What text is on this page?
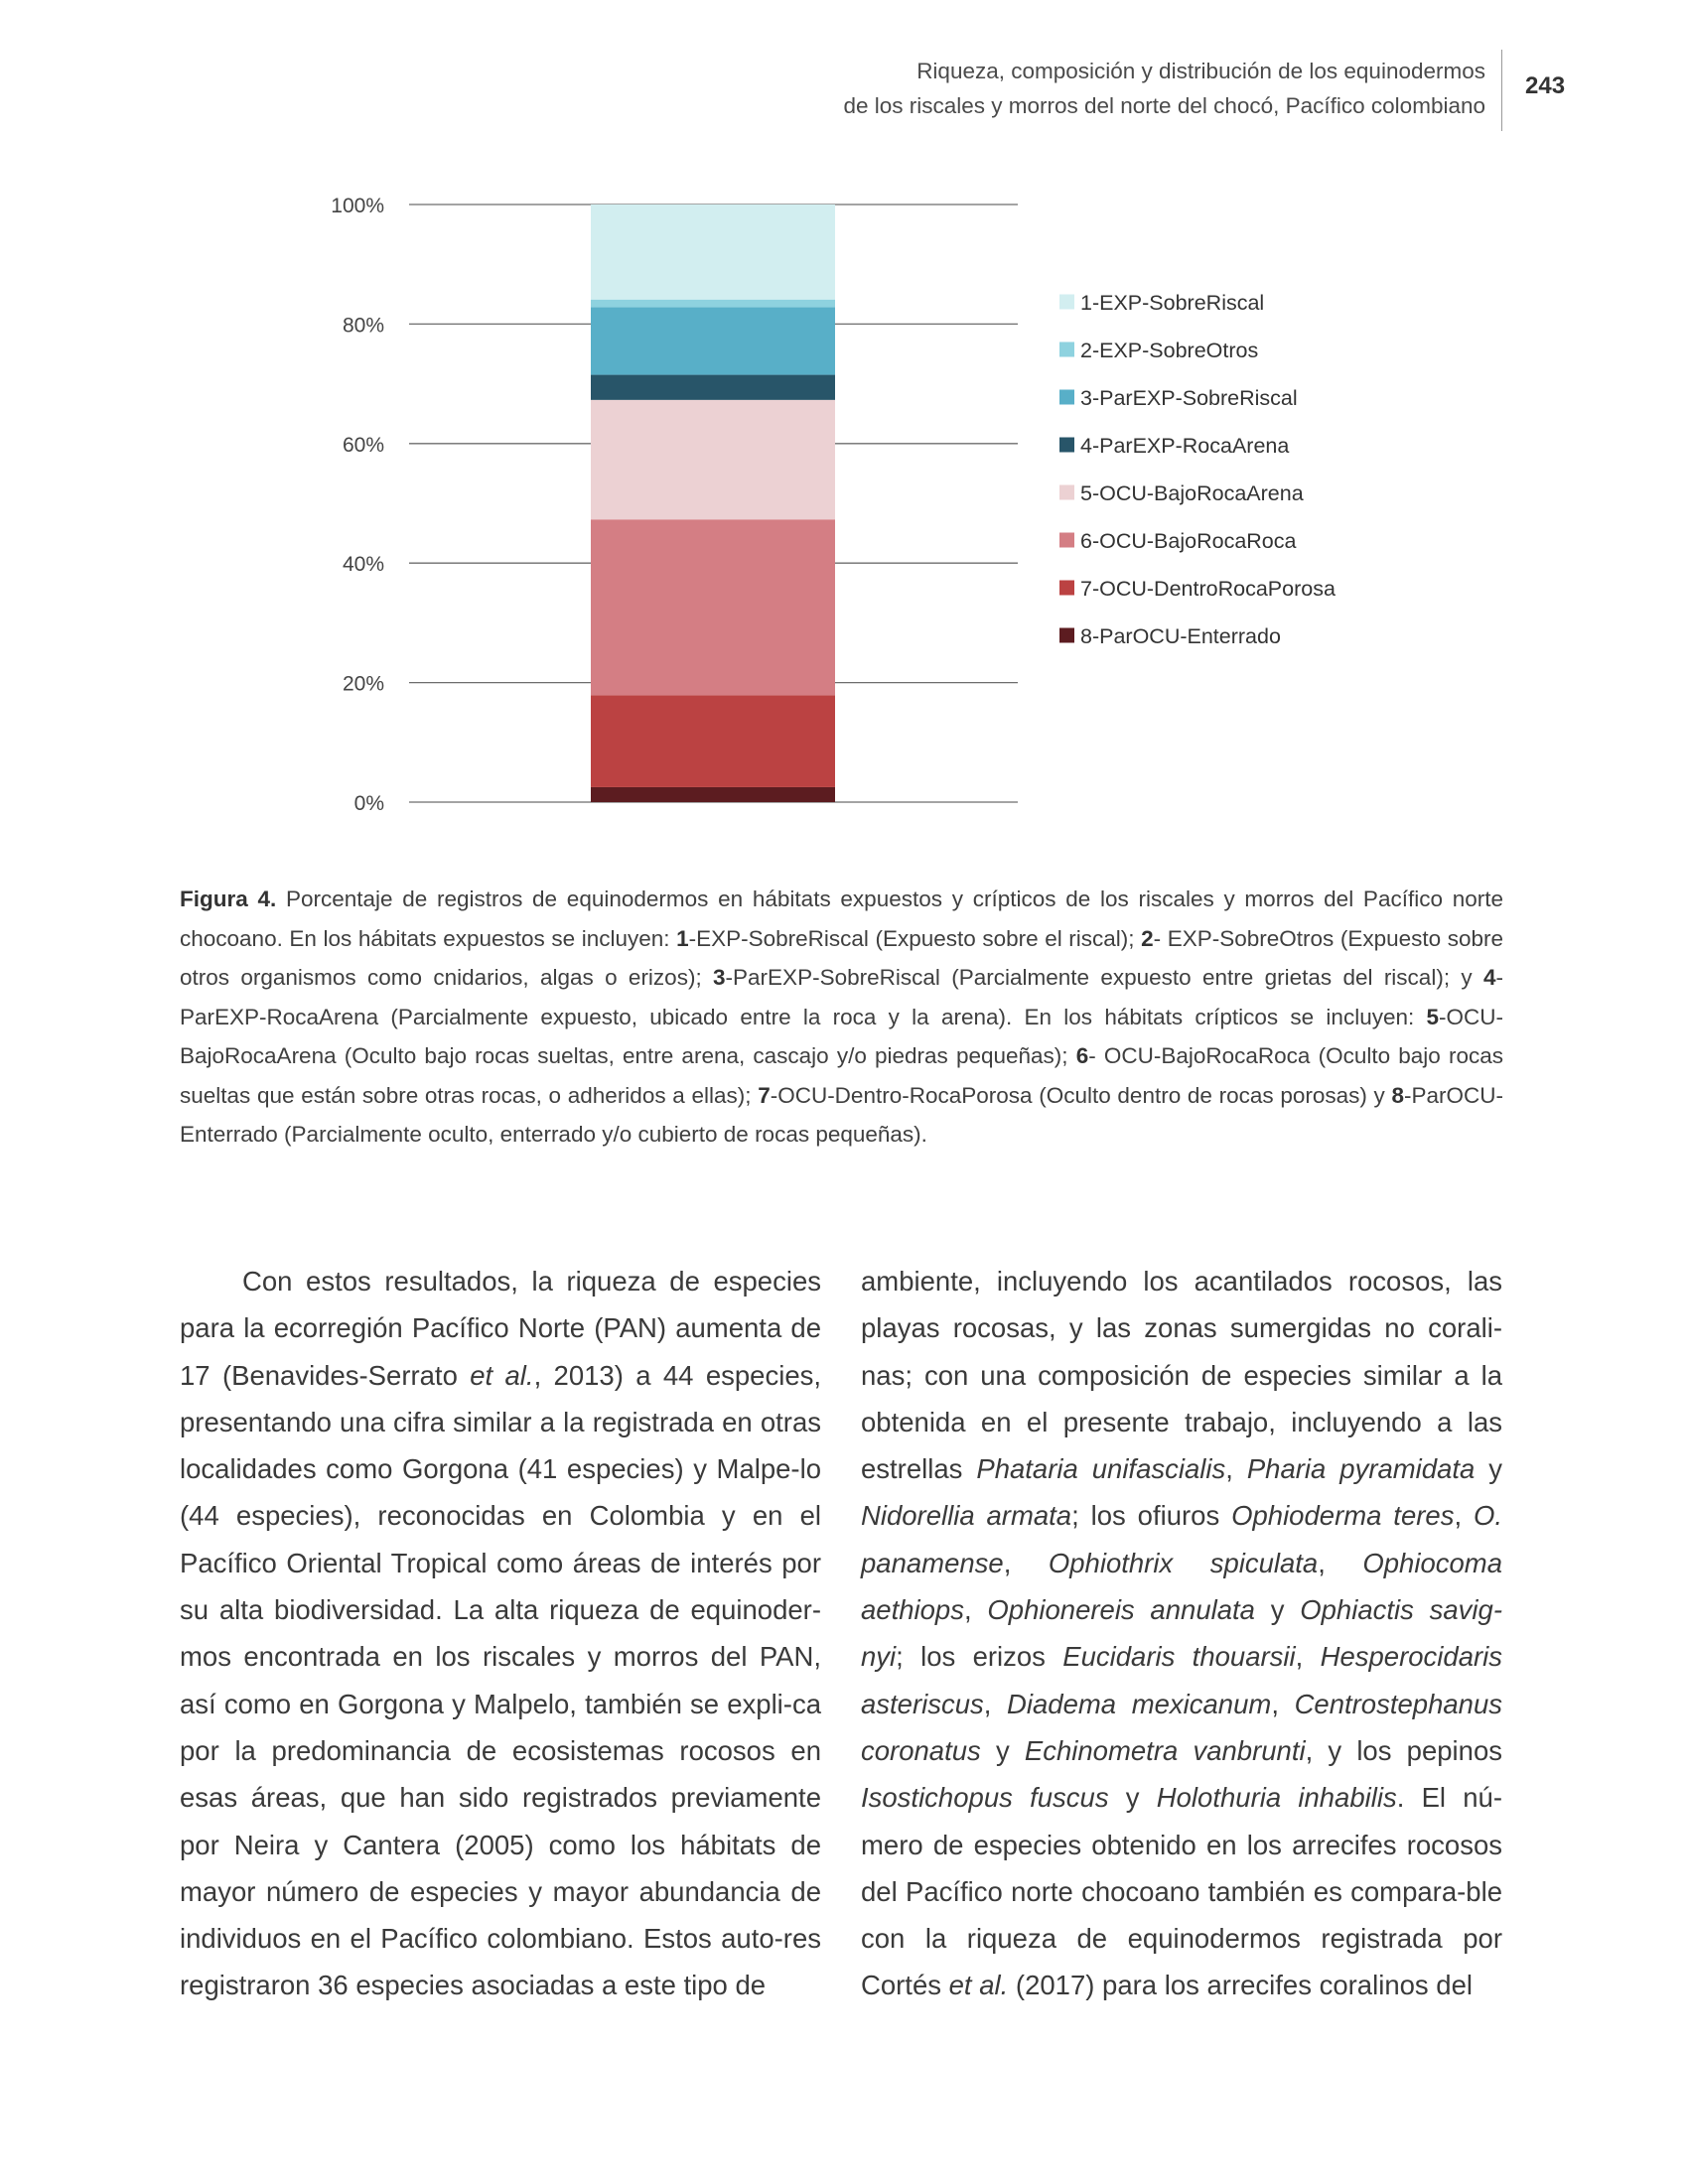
Riqueza, composición y distribución de los equinodermos
de los riscales y morros del norte del chocó, Pacífico colombiano
243
0%
20%
40%
60%
80%
100%
1-EXP-SobreRiscal
2-EXP-SobreOtros
3-ParEXP-SobreRiscal
4-ParEXP-RocaArena
5-OCU-BajoRocaArena
6-OCU-BajoRocaRoca
7-OCU-DentroRocaPorosa
8-ParOCU-Enterrado
Figura 4. Porcentaje de registros de equinodermos en hábitats expuestos y crípticos de los riscales y morros del Pacífico norte chocoano. En los hábitats expuestos se incluyen: 1-EXP-SobreRiscal (Expuesto sobre el riscal); 2- EXP-SobreOtros (Expuesto sobre otros organismos como cnidarios, algas o erizos); 3-ParEXP-SobreRiscal (Parcialmente expuesto entre grietas del riscal); y 4-ParEXP-RocaArena (Parcialmente expuesto, ubicado entre la roca y la arena). En los hábitats crípticos se incluyen: 5-OCU-BajoRocaArena (Oculto bajo rocas sueltas, entre arena, cascajo y/o piedras pequeñas); 6- OCU-BajoRocaRoca (Oculto bajo rocas sueltas que están sobre otras rocas, o adheridos a ellas); 7-OCU-Dentro-RocaPorosa (Oculto dentro de rocas porosas) y 8-ParOCU-Enterrado (Parcialmente oculto, enterrado y/o cubierto de rocas pequeñas).

Con estos resultados, la riqueza de especies para la ecorregión Pacífico Norte (PAN) aumenta de 17 (Benavides-Serrato et al., 2013) a 44 especies, presentando una cifra similar a la registrada en otras localidades como Gorgona (41 especies) y Malpe-lo (44 especies), reconocidas en Colombia y en el Pacífico Oriental Tropical como áreas de interés por su alta biodiversidad. La alta riqueza de equinoder-mos encontrada en los riscales y morros del PAN, así como en Gorgona y Malpelo, también se expli-ca por la predominancia de ecosistemas rocosos en esas áreas, que han sido registrados previamente por Neira y Cantera (2005) como los hábitats de mayor número de especies y mayor abundancia de individuos en el Pacífico colombiano. Estos auto-res registraron 36 especies asociadas a este tipo de

ambiente, incluyendo los acantilados rocosos, las playas rocosas, y las zonas sumergidas no corali-nas; con una composición de especies similar a la obtenida en el presente trabajo, incluyendo a las estrellas Phataria unifascialis, Pharia pyramidata y Nidorellia armata; los ofiuros Ophioderma teres, O. panamense, Ophiothrix spiculata, Ophiocoma aethiops, Ophionereis annulata y Ophiactis savig-nyi; los erizos Eucidaris thouarsii, Hesperocidaris asteriscus, Diadema mexicanum, Centrostephanus coronatus y Echinometra vanbrunti, y los pepinos Isostichopus fuscus y Holothuria inhabilis. El nú-mero de especies obtenido en los arrecifes rocosos del Pacífico norte chocoano también es compara-ble con la riqueza de equinodermos registrada por Cortés et al. (2017) para los arrecifes coralinos del
